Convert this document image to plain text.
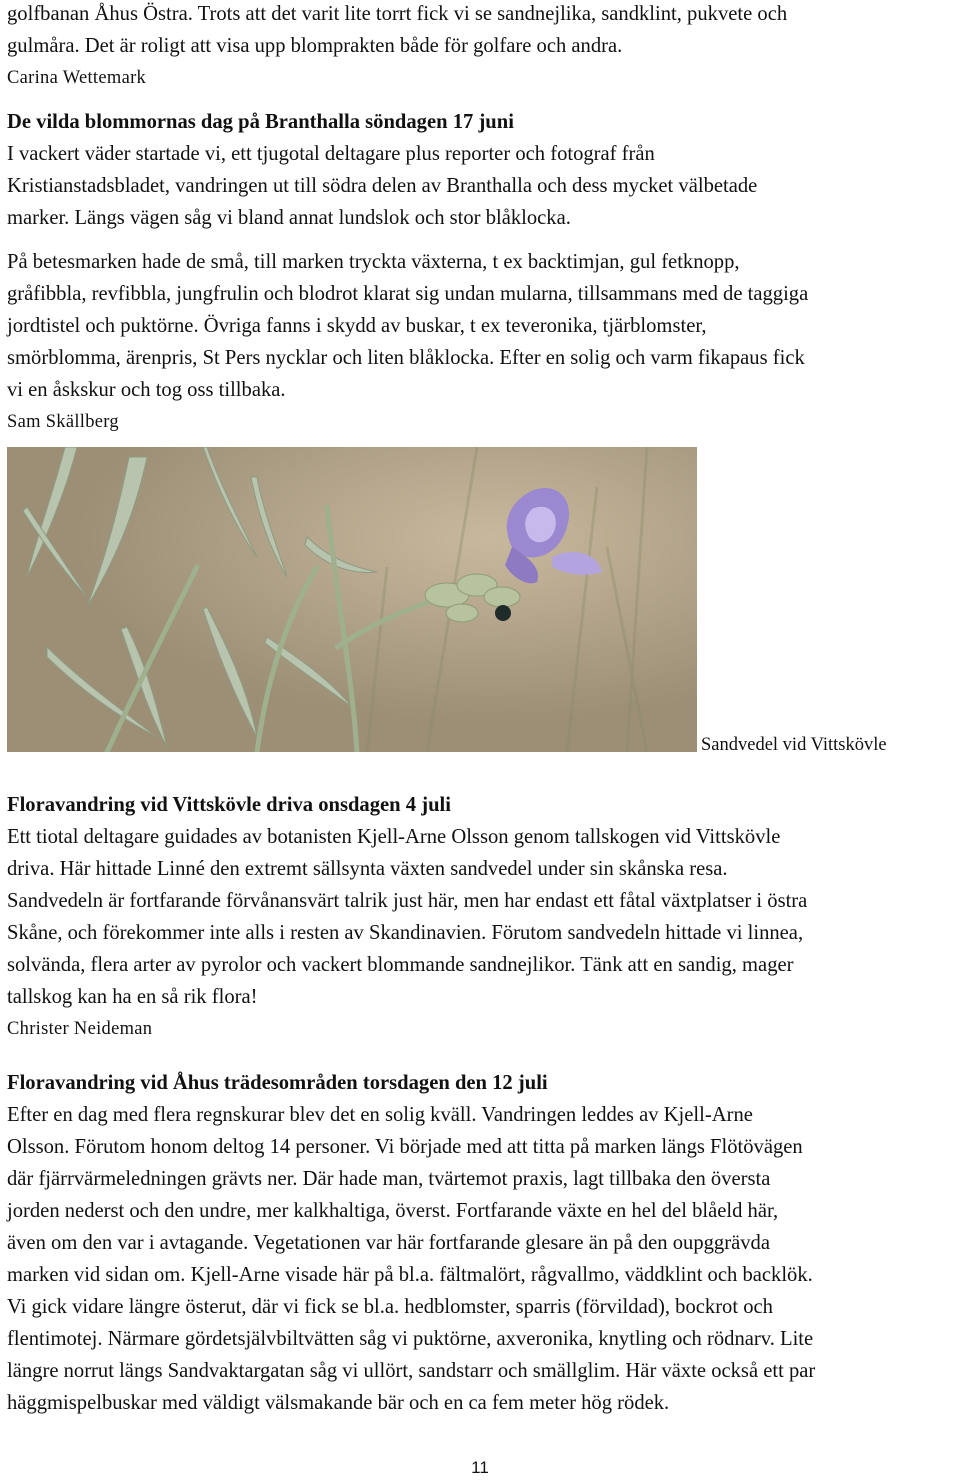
golfbanan Åhus Östra. Trots att det varit lite torrt fick vi se sandnejlika, sandklint, pukvete och

gulmåra. Det är roligt att visa upp blomprakten både för golfare och andra.

Carina Wettemark

De vilda blommornas dag på Branthalla söndagen 17 juni

I vackert väder startade vi, ett tjugotal deltagare plus reporter och fotograf från

Kristianstadsbladet, vandringen ut till södra delen av Branthalla och dess mycket välbetade

marker. Längs vägen såg vi bland annat lundslok och stor blåklocka.

På betesmarken hade de små, till marken tryckta växterna, t ex backtimjan, gul fetknopp,

gråfibbla, revfibbla, jungfrulin och blodrot klarat sig undan mularna, tillsammans med de taggiga

jordtistel och puktörne. Övriga fanns i skydd av buskar, t ex teveronika, tjärblomster,

smörblomma, ärenpris, St Pers nycklar och liten blåklocka. Efter en solig och varm fikapaus fick

vi en åskskur och tog oss tillbaka.

Sam Skällberg

Sandvedel vid Vittskövle
Floravandring vid Vittskövle driva onsdagen 4 juli

Ett tiotal deltagare guidades av botanisten Kjell-Arne Olsson genom tallskogen vid Vittskövle

driva. Här hittade Linné den extremt sällsynta växten sandvedel under sin skånska resa.

Sandvedeln är fortfarande förvånansvärt talrik just här, men har endast ett fåtal växtplatser i östra

Skåne, och förekommer inte alls i resten av Skandinavien. Förutom sandvedeln hittade vi linnea,

solvända, flera arter av pyrolor och vackert blommande sandnejlikor. Tänk att en sandig, mager

tallskog kan ha en så rik flora!

Christer Neideman

Floravandring vid Åhus trädesområden torsdagen den 12 juli

Efter en dag med flera regnskurar blev det en solig kväll. Vandringen leddes av Kjell-Arne

Olsson. Förutom honom deltog 14 personer. Vi började med att titta på marken längs Flötövägen

där fjärrvärmeledningen grävts ner. Där hade man, tvärtemot praxis, lagt tillbaka den översta

jorden nederst och den undre, mer kalkhaltiga, överst. Fortfarande växte en hel del blåeld här,

även om den var i avtagande. Vegetationen var här fortfarande glesare än på den oupggrävda

marken vid sidan om. Kjell-Arne visade här på bl.a. fältmalört, rågvallmo, väddklint och backlök.

Vi gick vidare längre österut, där vi fick se bl.a. hedblomster, sparris (förvildad), bockrot och

flentimotej. Närmare gördetsjälvbiltvätten såg vi puktörne, axveronika, knytling och rödnarv. Lite

längre norrut längs Sandvaktargatan såg vi ullört, sandstarr och smällglim. Här växte också ett par

häggmispelbuskar med väldigt välsmakande bär och en ca fem meter hög rödek.

11
